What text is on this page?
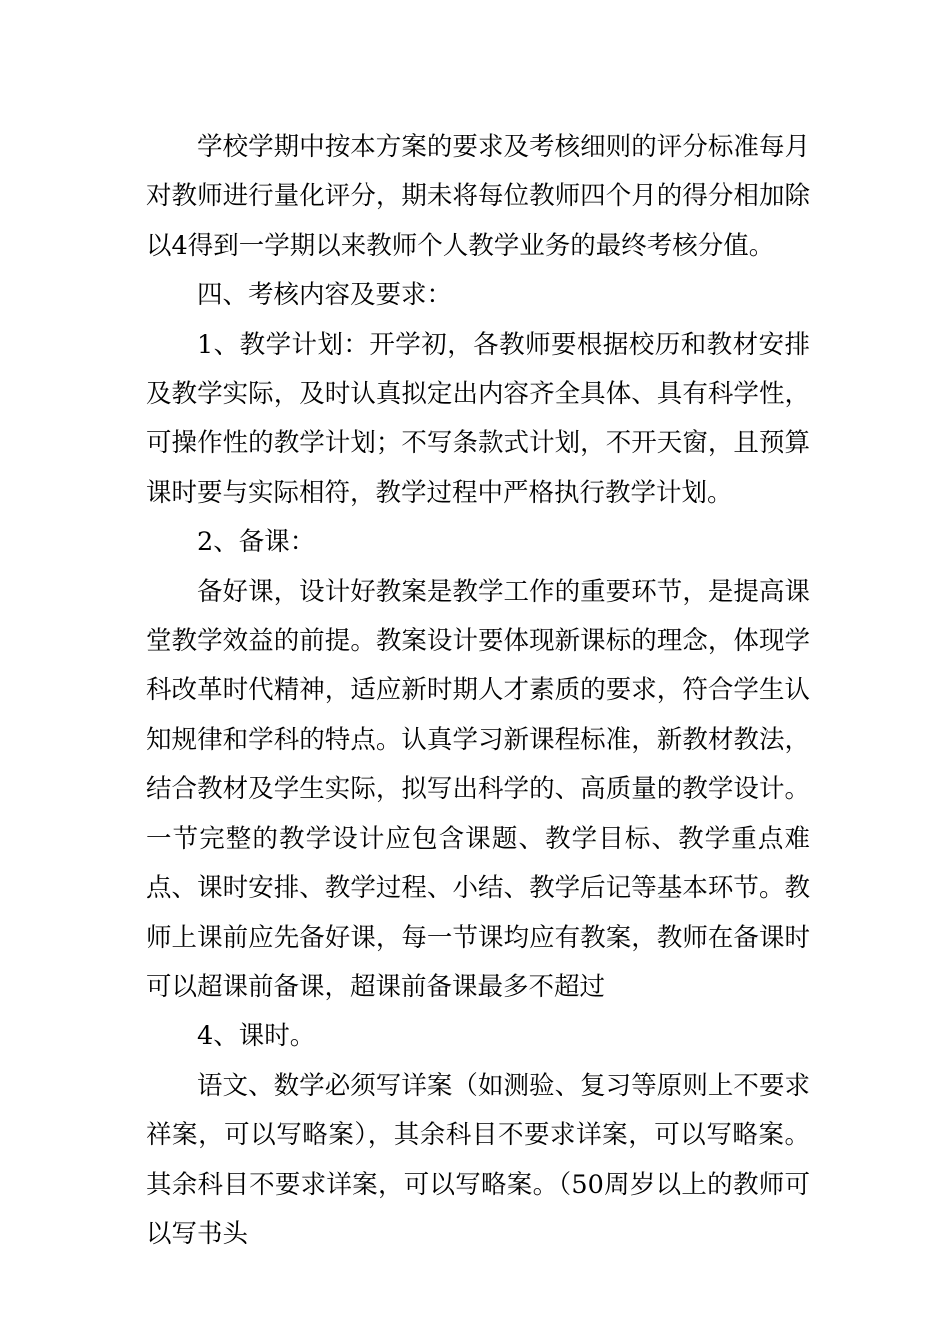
学校学期中按本方案的要求及考核细则的评分标准每月对教师进行量化评分，期未将每位教师四个月的得分相加除以4得到一学期以来教师个人教学业务的最终考核分值。

四、考核内容及要求：

1、教学计划：开学初，各教师要根据校历和教材安排及教学实际，及时认真拟定出内容齐全具体、具有科学性，可操作性的教学计划；不写条款式计划，不开天窗，且预算课时要与实际相符，教学过程中严格执行教学计划。

2、备课：

备好课，设计好教案是教学工作的重要环节，是提高课堂教学效益的前提。教案设计要体现新课标的理念，体现学科改革时代精神，适应新时期人才素质的要求，符合学生认知规律和学科的特点。认真学习新课程标准，新教材教法，结合教材及学生实际，拟写出科学的、高质量的教学设计。一节完整的教学设计应包含课题、教学目标、教学重点难点、课时安排、教学过程、小结、教学后记等基本环节。教师上课前应先备好课，每一节课均应有教案，教师在备课时可以超课前备课，超课前备课最多不超过

4、课时。

语文、数学必须写详案（如测验、复习等原则上不要求祥案，可以写略案），其余科目不要求详案，可以写略案。其余科目不要求详案，可以写略案。（50周岁以上的教师可以写书头
